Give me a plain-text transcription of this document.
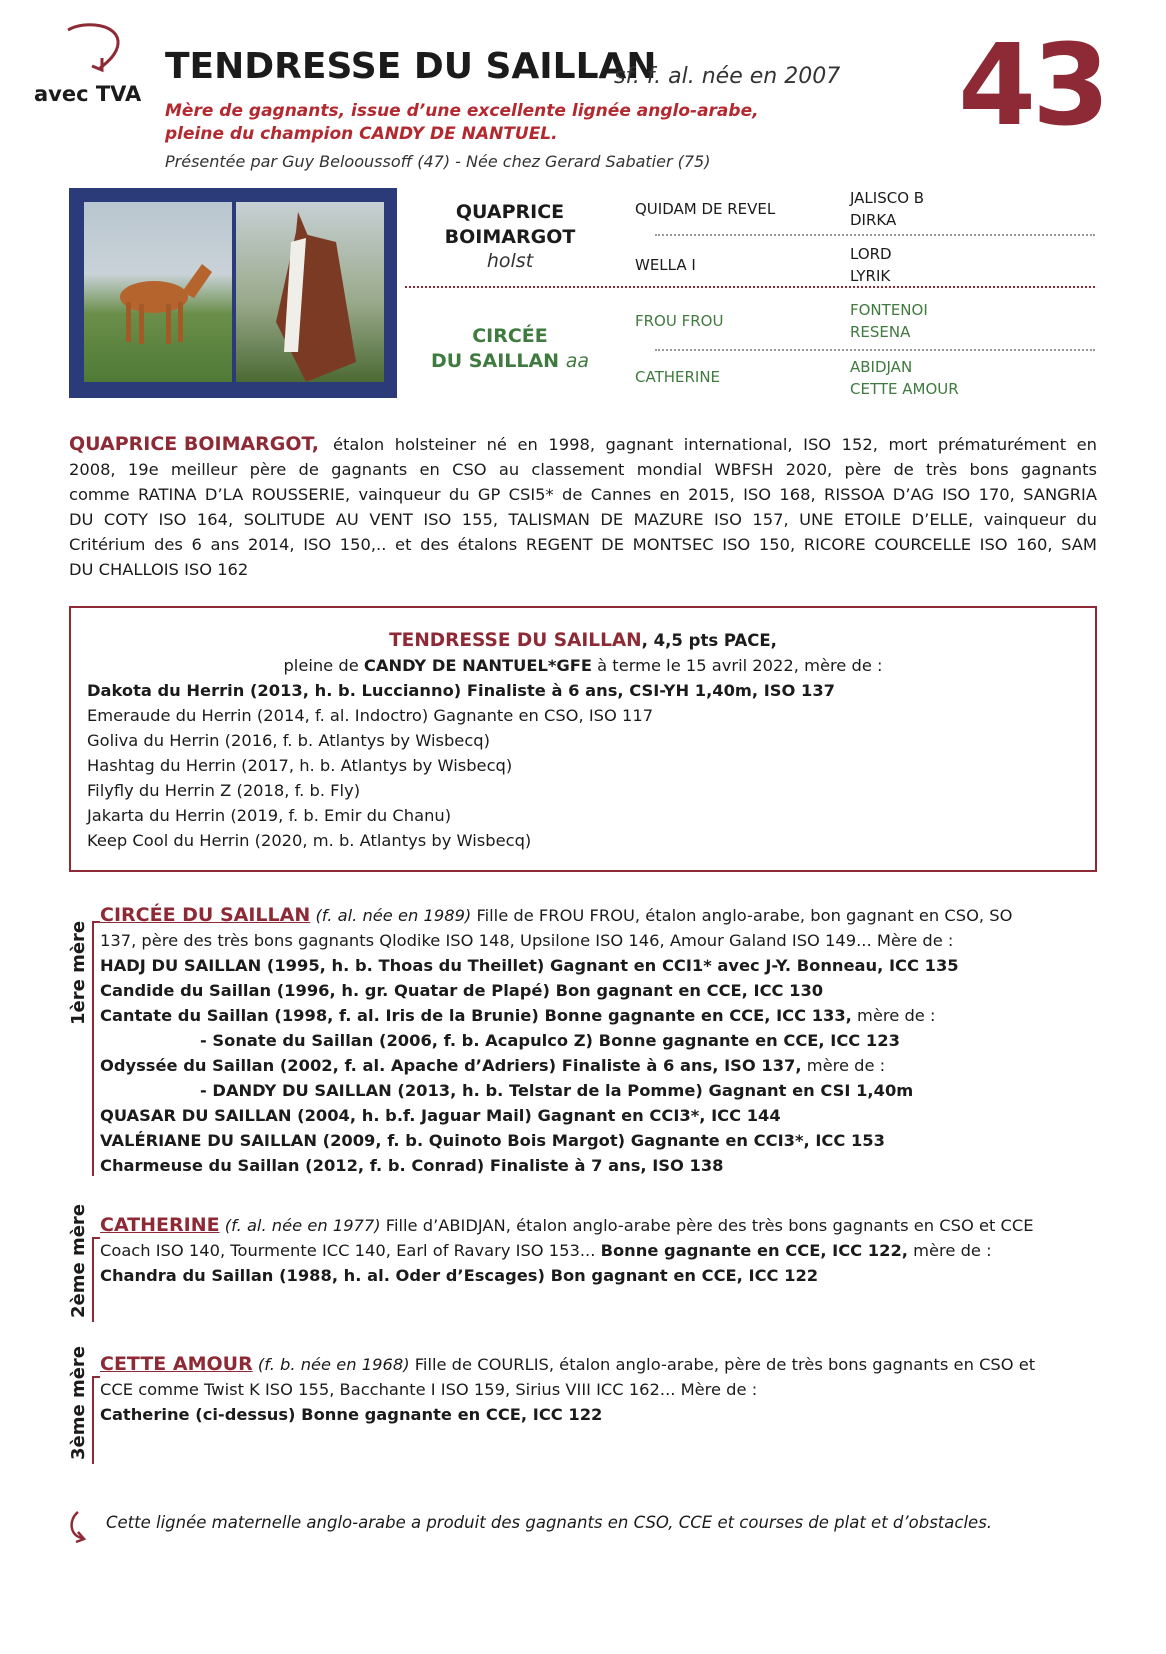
avec TVA
TENDRESSE DU SAILLAN
sf. f. al. née en 2007 43
Mère de gagnants, issue d’une excellente lignée anglo-arabe,
pleine du champion CANDY DE NANTUEL.
Présentée par Guy Belooussoff (47) - Née chez Gerard Sabatier (75)
QUAPRICE
BOIMARGOT
holst
CIRCÉE
DU SAILLAN aa
QUIDAM DE REVEL
WELLA I
FROU FROU
CATHERINE
JALISCO B
DIRKA
LORD
LYRIK
FONTENOI
RESENA
ABIDJAN
CETTE AMOUR
QUAPRICE BOIMARGOT, étalon holsteiner né en 1998, gagnant international, ISO 152, mort prématurément en
2008, 19e meilleur père de gagnants en CSO au classement mondial WBFSH 2020, père de très bons gagnants
comme RATINA D’LA ROUSSERIE, vainqueur du GP CSI5* de Cannes en 2015, ISO 168, RISSOA D’AG ISO 170, SANGRIA
DU COTY ISO 164, SOLITUDE AU VENT ISO 155, TALISMAN DE MAZURE ISO 157, UNE ETOILE D’ELLE, vainqueur du
Critérium des 6 ans 2014, ISO 150,.. et des étalons REGENT DE MONTSEC ISO 150, RICORE COURCELLE ISO 160, SAM
DU CHALLOIS ISO 162
TENDRESSE DU SAILLAN, 4,5 pts PACE,
pleine de CANDY DE NANTUEL*GFE à terme le 15 avril 2022, mère de :
Dakota du Herrin (2013, h. b. Luccianno) Finaliste à 6 ans, CSI-YH 1,40m, ISO 137
Emeraude du Herrin (2014, f. al. Indoctro) Gagnante en CSO, ISO 117
Goliva du Herrin (2016, f. b. Atlantys by Wisbecq)
Hashtag du Herrin (2017, h. b. Atlantys by Wisbecq)
Filyfly du Herrin Z (2018, f. b. Fly)
Jakarta du Herrin (2019, f. b. Emir du Chanu)
Keep Cool du Herrin (2020, m. b. Atlantys by Wisbecq)
1ère mère
CIRCÉE DU SAILLAN (f. al. née en 1989) Fille de FROU FROU, étalon anglo-arabe, bon gagnant en CSO, SO
137, père des très bons gagnants Qlodike ISO 148, Upsilone ISO 146, Amour Galand ISO 149... Mère de :
HADJ DU SAILLAN (1995, h. b. Thoas du Theillet) Gagnant en CCI1* avec J-Y. Bonneau, ICC 135
Candide du Saillan (1996, h. gr. Quatar de Plapé) Bon gagnant en CCE, ICC 130
Cantate du Saillan (1998, f. al. Iris de la Brunie) Bonne gagnante en CCE, ICC 133, mère de :
- Sonate du Saillan (2006, f. b. Acapulco Z) Bonne gagnante en CCE, ICC 123
Odyssée du Saillan (2002, f. al. Apache d’Adriers) Finaliste à 6 ans, ISO 137, mère de :
- DANDY DU SAILLAN (2013, h. b. Telstar de la Pomme) Gagnant en CSI 1,40m
QUASAR DU SAILLAN (2004, h. b.f. Jaguar Mail) Gagnant en CCI3*, ICC 144
VALÉRIANE DU SAILLAN (2009, f. b. Quinoto Bois Margot) Gagnante en CCI3*, ICC 153
Charmeuse du Saillan (2012, f. b. Conrad) Finaliste à 7 ans, ISO 138
2ème mère CATHERINE (f. al. née en 1977) Fille d’ABIDJAN, étalon anglo-arabe père des très bons gagnants en CSO et CCE
Coach ISO 140, Tourmente ICC 140, Earl of Ravary ISO 153... Bonne gagnante en CCE, ICC 122, mère de :
Chandra du Saillan (1988, h. al. Oder d’Escages) Bon gagnant en CCE, ICC 122
3ème mère CETTE AMOUR (f. b. née en 1968) Fille de COURLIS, étalon anglo-arabe, père de très bons gagnants en CSO et
CCE comme Twist K ISO 155, Bacchante I ISO 159, Sirius VIII ICC 162... Mère de :
Catherine (ci-dessus) Bonne gagnante en CCE, ICC 122
Cette lignée maternelle anglo-arabe a produit des gagnants en CSO, CCE et courses de plat et d’obstacles.
